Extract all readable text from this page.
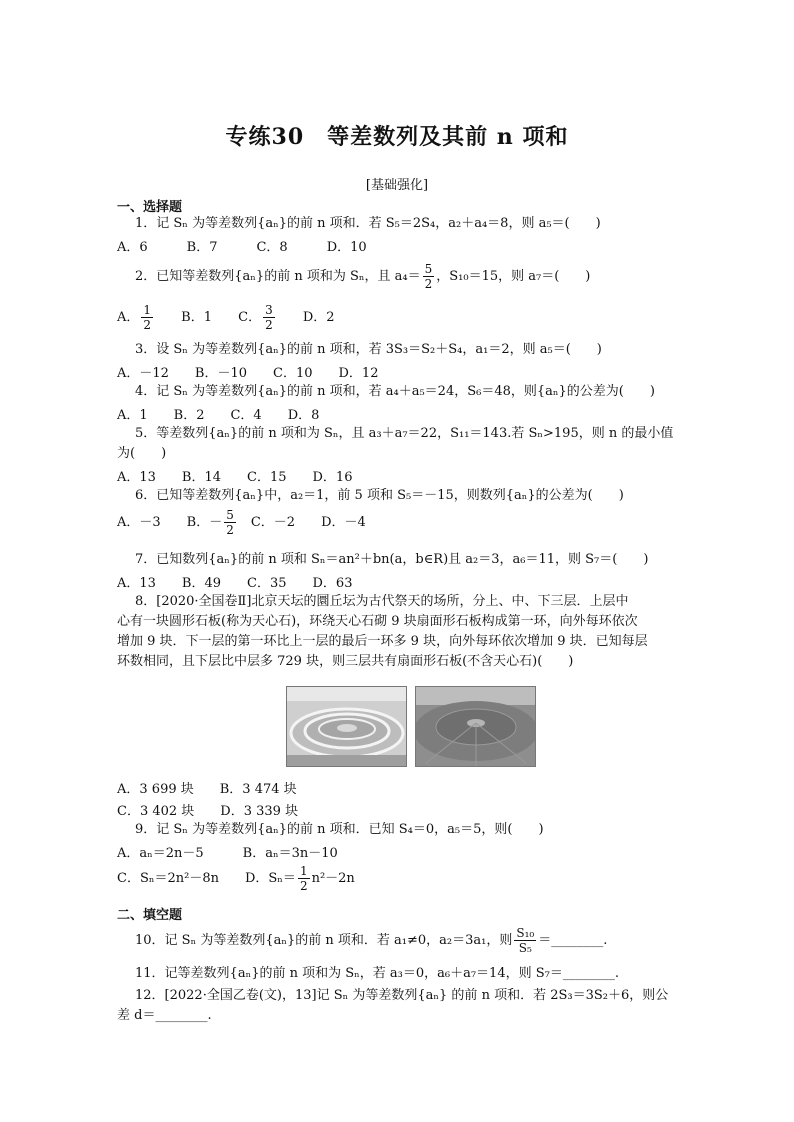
专练30　等差数列及其前 n 项和
[基础强化]
一、选择题
1．记 Sₙ 为等差数列{aₙ}的前 n 项和．若 S₅＝2S₄，a₂＋a₄＝8，则 a₅＝(　　)
A．6　　　B．7　　　C．8　　　D．10
2．已知等差数列{aₙ}的前 n 项和为 Sₙ，且 $a_4= \frac{5}{2}$ ，S₁₀＝15，则 a₇＝(　　)
A． $\frac{1}{2}$ B．1 C． $\frac{3}{2}$ D．2
3．设 Sₙ 为等差数列{aₙ}的前 n 项和，若 3S₃＝S₂＋S₄，a₁＝2，则 a₅＝(　　)
A．－12　　B．－10　　C．10　　D．12
4．记 Sₙ 为等差数列{aₙ}的前 n 项和，若 a₄＋a₅＝24，S₆＝48，则{aₙ}的公差为(　　)
A．1　　B．2　　C．4　　D．8
5．等差数列{aₙ}的前 n 项和为 Sₙ，且 a₃＋a₇＝22，S₁₁＝143.若 Sₙ>195，则 n 的最小值
为(　　)
A．13　　B．14　　C．15　　D．16
6．已知等差数列{aₙ}中，a₂＝1，前 5 项和 S₅＝－15，则数列{aₙ}的公差为(　　)
A．－3　　B．－ $\frac{5}{2}$ 　C．－2　　D．－4
7．已知数列{aₙ}的前 n 项和 Sₙ＝an²＋bn(a，b∈R)且 a₂＝3，a₆＝11，则 S₇＝(　　)
A．13　　B．49　　C．35　　D．63
8．[2020·全国卷Ⅱ]北京天坛的圜丘坛为古代祭天的场所，分上、中、下三层．上层中
心有一块圆形石板(称为天心石)，环绕天心石砌 9 块扇面形石板构成第一环，向外每环依次
增加 9 块．下一层的第一环比上一层的最后一环多 9 块，向外每环依次增加 9 块．已知每层
环数相同，且下层比中层多 729 块，则三层共有扇面形石板(不含天心石)(　　)
A．3 699 块　　B．3 474 块
C．3 402 块　　D．3 339 块
9．记 Sₙ 为等差数列{aₙ}的前 n 项和．已知 S₄＝0，a₅＝5，则(　　)
A．aₙ＝2n－5　　　B．aₙ＝3n－10
C．Sₙ＝2n²－8n　　D．$S_n= \frac{1}{2} n^2-2n$
二、填空题
10．记 Sₙ 为等差数列{aₙ}的前 n 项和．若 a₁≠0，a₂＝3a₁，则 $\frac{\text{S₁₀}}{\text{S₅}}$ ＝________.
11．记等差数列{aₙ}的前 n 项和为 Sₙ，若 a₃＝0，a₆＋a₇＝14，则 S₇＝________.
12．[2022·全国乙卷(文)，13]记 Sₙ 为等差数列{aₙ} 的前 n 项和．若 2S₃＝3S₂＋6，则公
差 d＝________.
